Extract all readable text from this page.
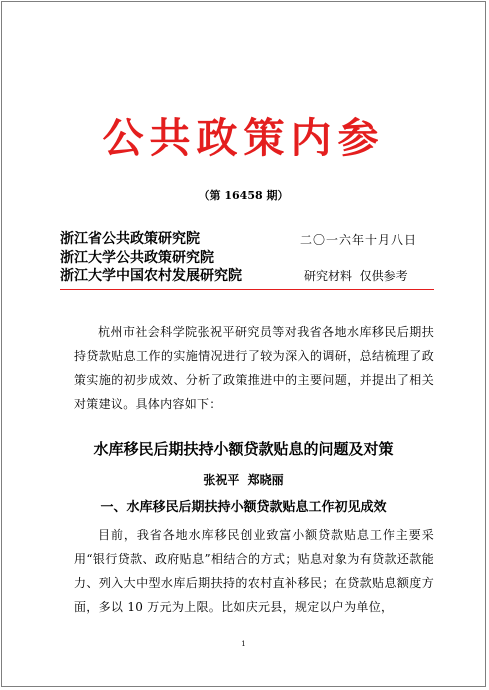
公共政策内参
（第 16458 期）
浙江省公共政策研究院
浙江大学公共政策研究院
浙江大学中国农村发展研究院
二〇一六年十月八日
研究材料  仅供参考
杭州市社会科学院张祝平研究员等对我省各地水库移民后期扶持贷款贴息工作的实施情况进行了较为深入的调研，总结梳理了政策实施的初步成效、分析了政策推进中的主要问题，并提出了相关对策建议。具体内容如下：
水库移民后期扶持小额贷款贴息的问题及对策
张祝平  郑晓丽
一、水库移民后期扶持小额贷款贴息工作初见成效
目前，我省各地水库移民创业致富小额贷款贴息工作主要采用“银行贷款、政府贴息”相结合的方式；贴息对象为有贷款还款能力、列入大中型水库后期扶持的农村直补移民；在贷款贴息额度方面，多以 10 万元为上限。比如庆元县，规定以户为单位，
1
